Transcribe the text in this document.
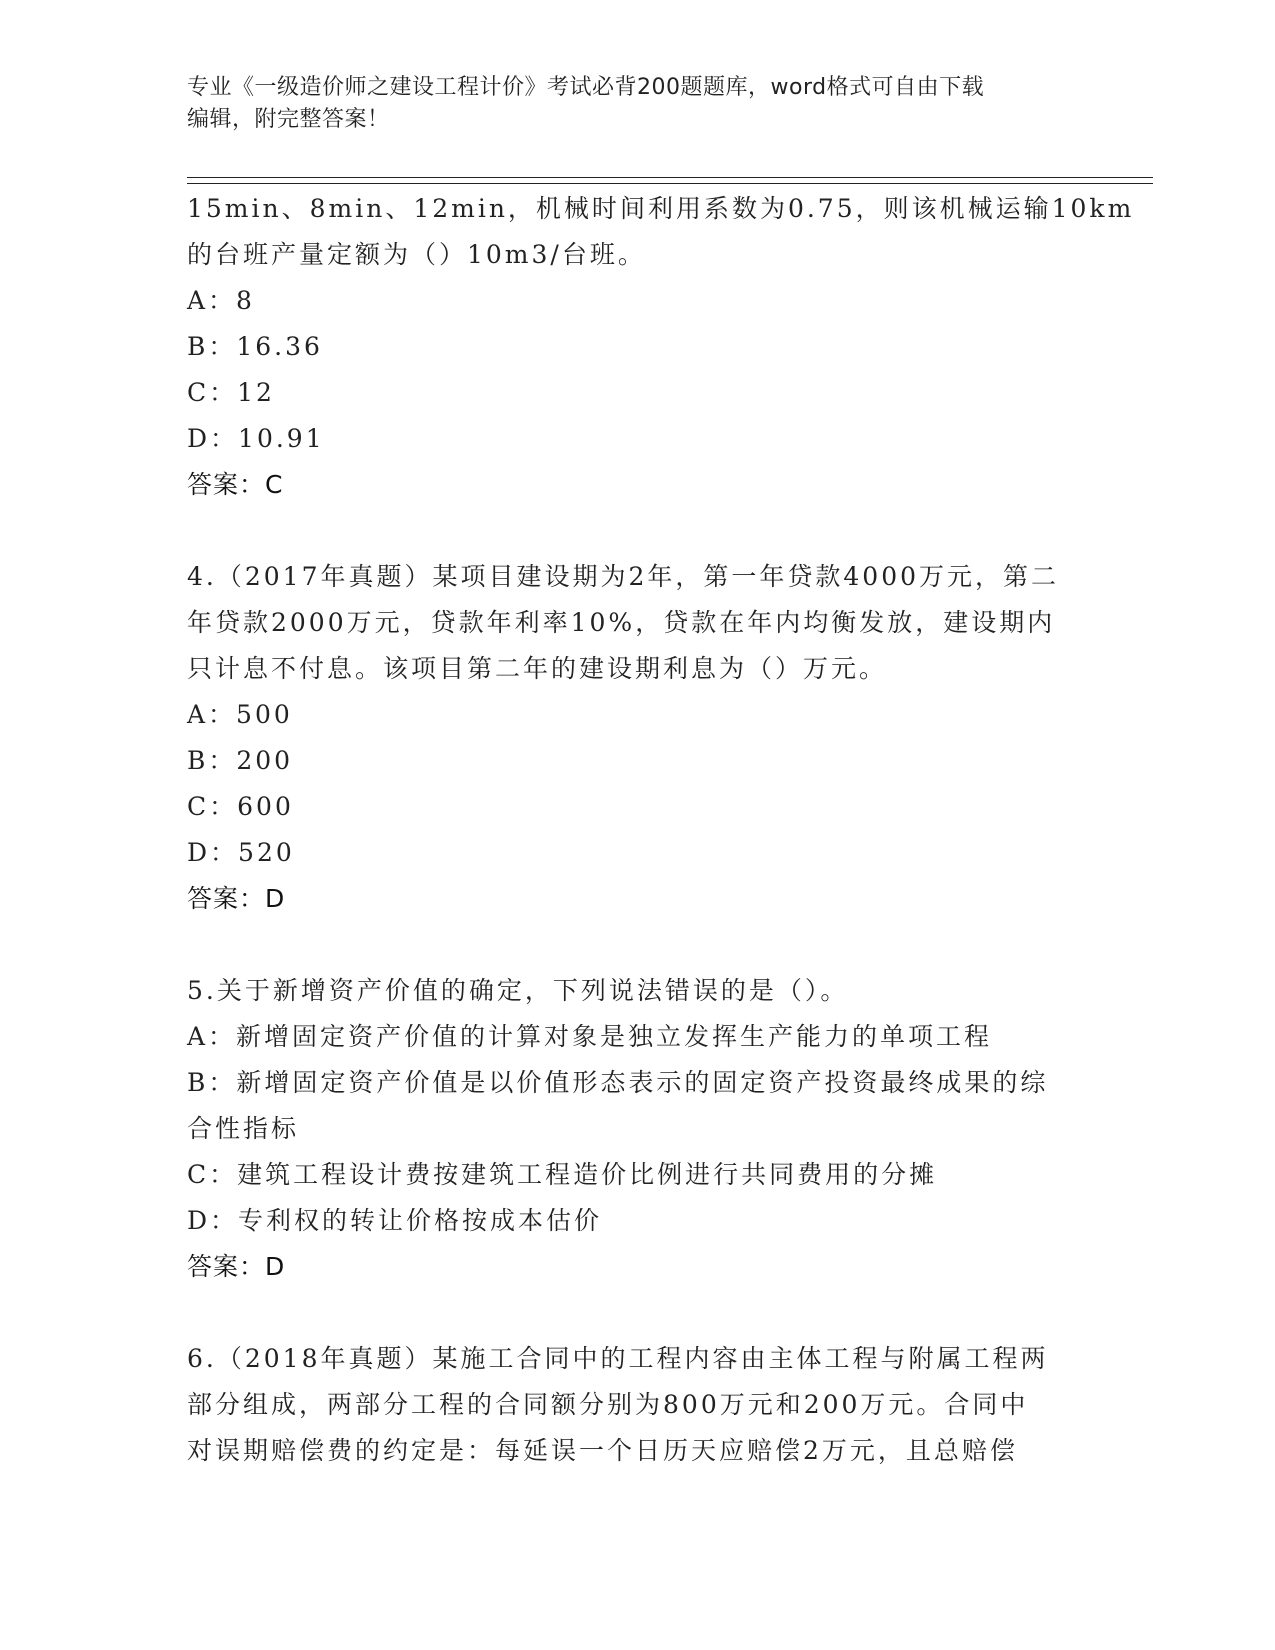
专业《一级造价师之建设工程计价》考试必背200题题库，word格式可自由下载
编辑，附完整答案！
15min、8min、12min，机械时间利用系数为0.75，则该机械运输10km
的台班产量定额为（）10m3/台班。
A：8
B：16.36
C：12
D：10.91
答案：C
4.（2017年真题）某项目建设期为2年，第一年贷款4000万元，第二
年贷款2000万元，贷款年利率10%，贷款在年内均衡发放，建设期内
只计息不付息。该项目第二年的建设期利息为（）万元。
A：500
B：200
C：600
D：520
答案：D
5.关于新增资产价值的确定，下列说法错误的是（）。
A：新增固定资产价值的计算对象是独立发挥生产能力的单项工程
B：新增固定资产价值是以价值形态表示的固定资产投资最终成果的综
合性指标
C：建筑工程设计费按建筑工程造价比例进行共同费用的分摊
D：专利权的转让价格按成本估价
答案：D
6.（2018年真题）某施工合同中的工程内容由主体工程与附属工程两
部分组成，两部分工程的合同额分别为800万元和200万元。合同中
对误期赔偿费的约定是：每延误一个日历天应赔偿2万元，且总赔偿
